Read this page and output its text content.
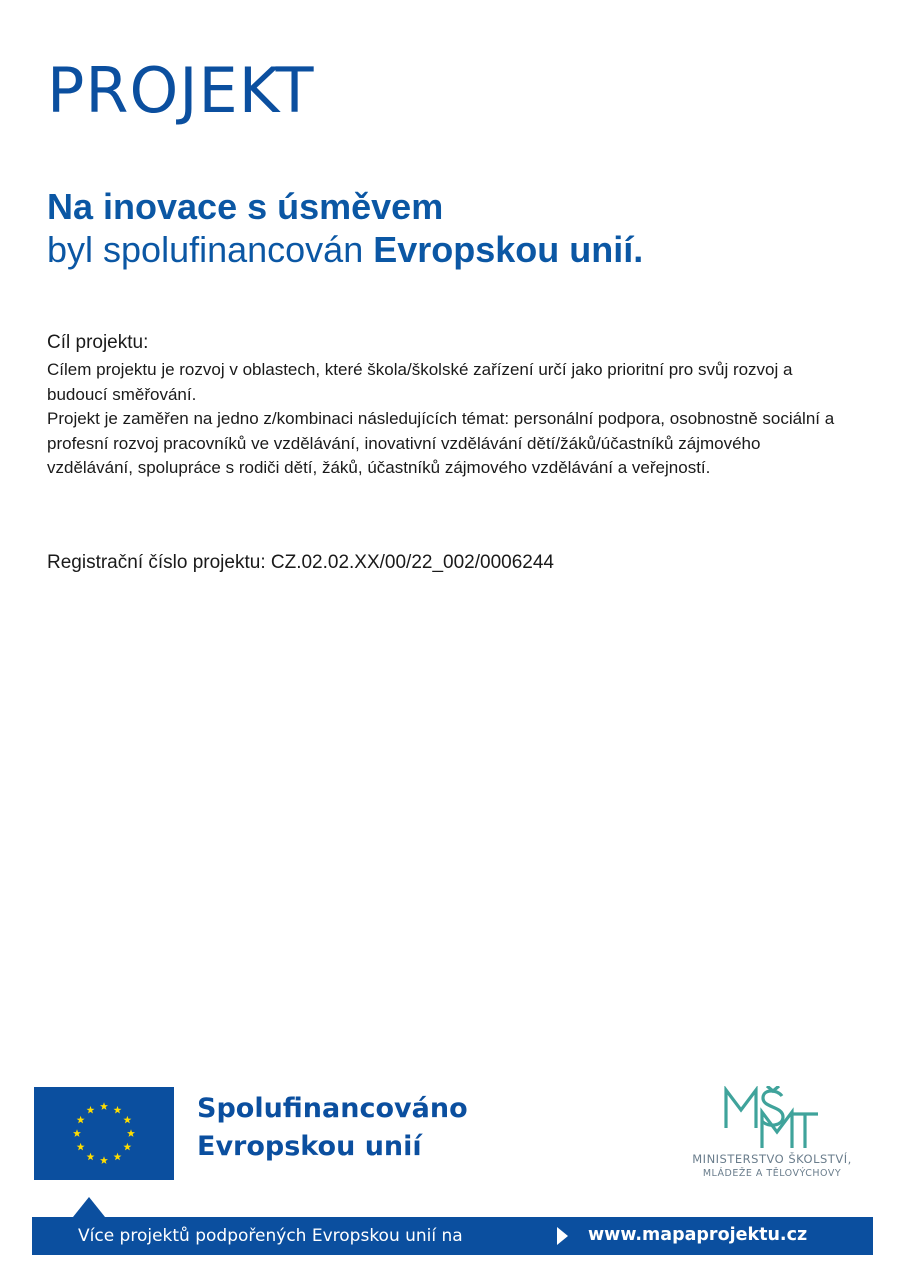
PROJEKT
Na inovace s úsměvem
byl spolufinancován Evropskou unií.
Cíl projektu:
Cílem projektu je rozvoj v oblastech, které škola/školské zařízení určí jako prioritní pro svůj rozvoj a budoucí směřování.
Projekt je zaměřen na jedno z/kombinaci následujících témat: personální podpora, osobnostně sociální a profesní rozvoj pracovníků ve vzdělávání, inovativní vzdělávání dětí/žáků/účastníků zájmového vzdělávání, spolupráce s rodiči dětí, žáků, účastníků zájmového vzdělávání a veřejností.
Registrační číslo projektu: CZ.02.02.XX/00/22_002/0006244
Spolufinancováno
Evropskou unií	MINISTERSTVO ŠKOLSTVÍ,
MLÁDEŽE A TĚLOVÝCHOVY
Více projektů podpořených Evropskou unií na	www.mapaprojektu.cz
